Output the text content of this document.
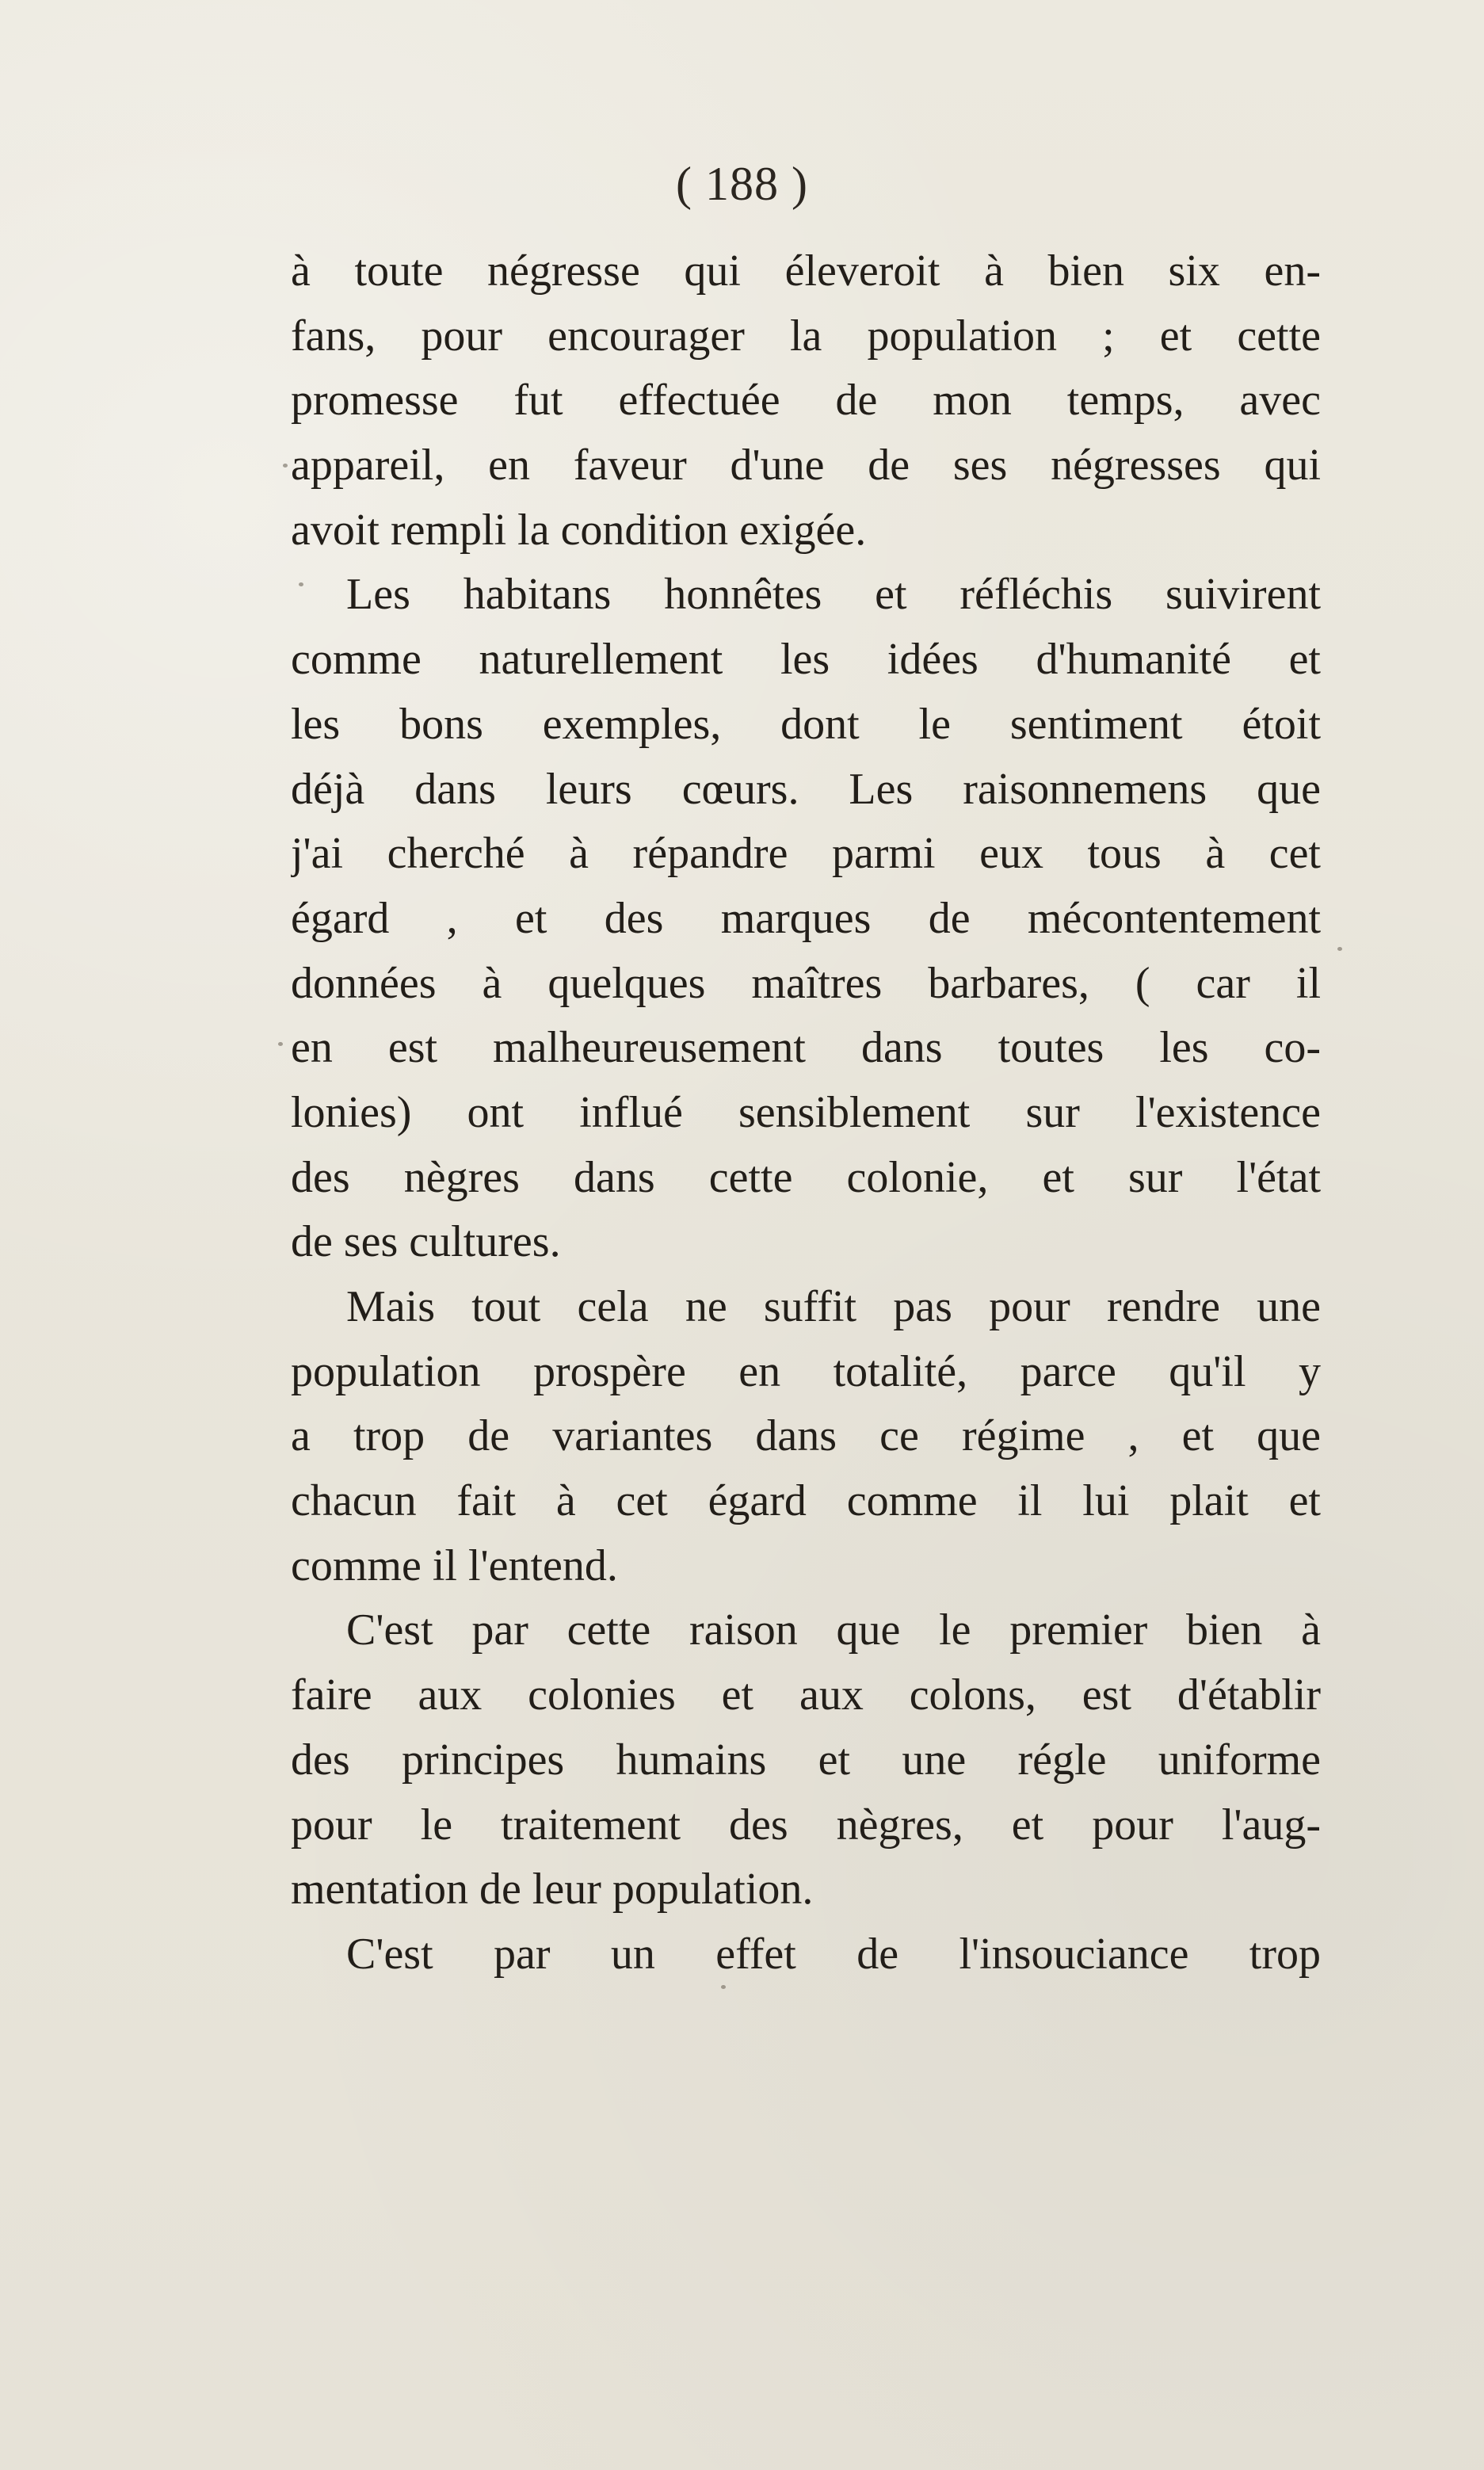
( 188 )
à toute négresse qui éleveroit à bien six en-
fans, pour encourager la population ; et cette
promesse fut effectuée de mon temps, avec
appareil, en faveur d'une de ses négresses qui
avoit rempli la condition exigée.
Les habitans honnêtes et réfléchis suivirent
comme naturellement les idées d'humanité et
les bons exemples, dont le sentiment étoit
déjà dans leurs cœurs. Les raisonnemens que
j'ai cherché à répandre parmi eux tous à cet
égard , et des marques de mécontentement
données à quelques maîtres barbares, ( car il
en est malheureusement dans toutes les co-
lonies) ont influé sensiblement sur l'existence
des nègres dans cette colonie, et sur l'état
de ses cultures.
Mais tout cela ne suffit pas pour rendre une
population prospère en totalité, parce qu'il y
a trop de variantes dans ce régime , et que
chacun fait à cet égard comme il lui plait et
comme il l'entend.
C'est par cette raison que le premier bien à
faire aux colonies et aux colons, est d'établir
des principes humains et une régle uniforme
pour le traitement des nègres, et pour l'aug-
mentation de leur population.
C'est par un effet de l'insouciance trop
